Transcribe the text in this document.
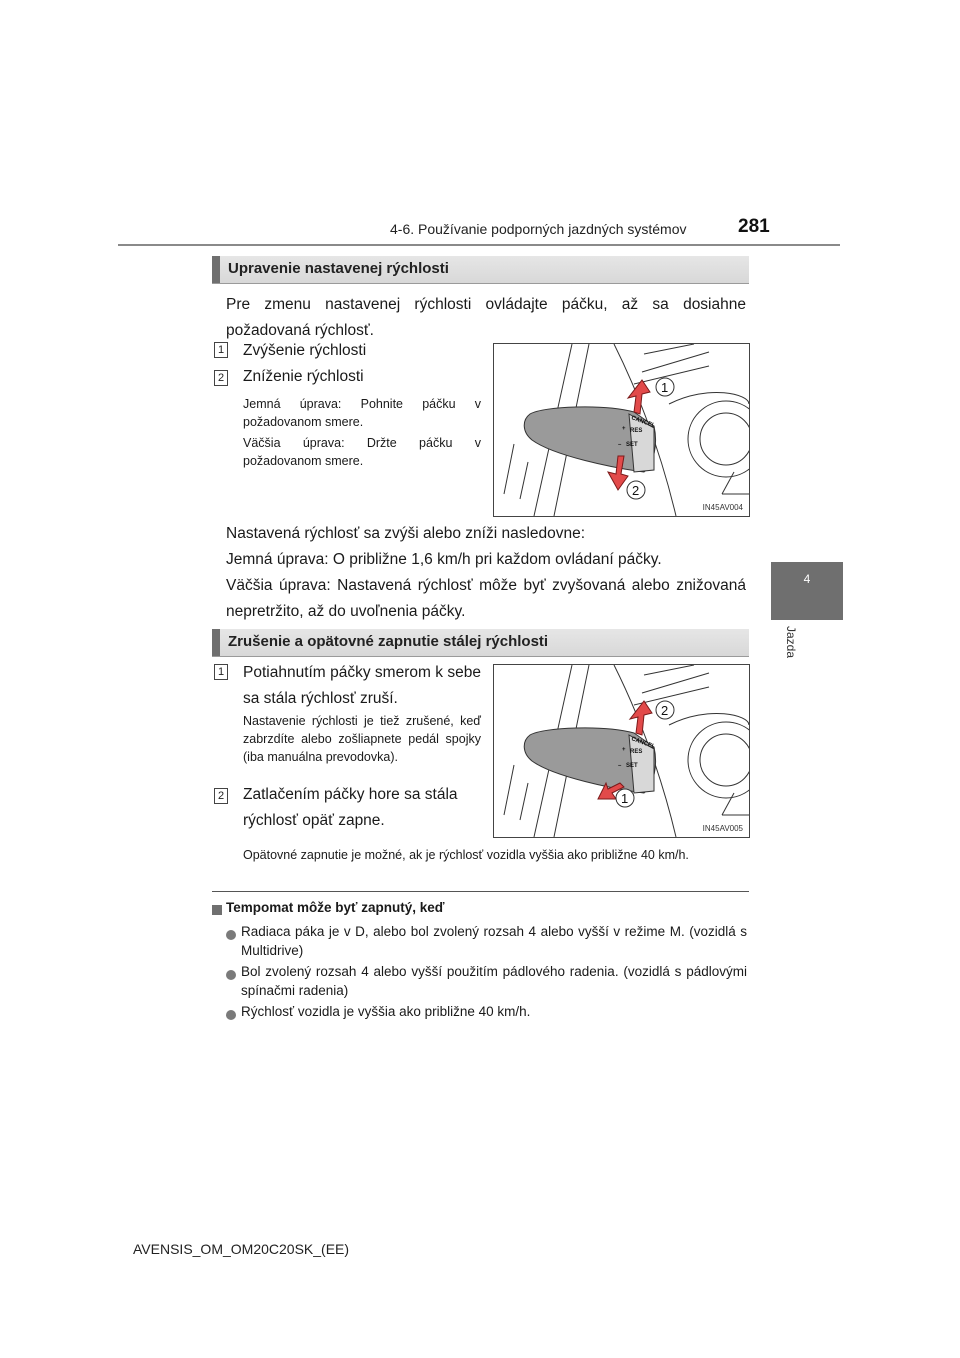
4-6. Používanie podporných jazdných systémov	281
4
Jazda
Upravenie nastavenej rýchlosti
Pre zmenu nastavenej rýchlosti ovládajte páčku, až sa dosiahne požadovaná rýchlosť.
1 Zvýšenie rýchlosti
2 Zníženie rýchlosti
Jemná úprava: Pohnite páčku v požadovanom smere.
Väčšia úprava: Držte páčku v požadovanom smere.
CANCEL
+ RES
– SET
1
2
IN45AV004
Nastavená rýchlosť sa zvýši alebo zníži nasledovne:
Jemná úprava: O približne 1,6 km/h pri každom ovládaní páčky.
Väčšia úprava: Nastavená rýchlosť môže byť zvyšovaná alebo znižovaná nepretržito, až do uvoľnenia páčky.
Zrušenie a opätovné zapnutie stálej rýchlosti
1 Potiahnutím páčky smerom k sebe sa stála rýchlosť zruší.
Nastavenie rýchlosti je tiež zrušené, keď zabrzdíte alebo zošliapnete pedál spojky (iba manuálna prevodovka).
2 Zatlačením páčky hore sa stála rýchlosť opäť zapne.
CANCEL
+ RES
– SET
2
1
IN45AV005
Opätovné zapnutie je možné, ak je rýchlosť vozidla vyššia ako približne 40 km/h.
Tempomat môže byť zapnutý, keď
Radiaca páka je v D, alebo bol zvolený rozsah 4 alebo vyšší v režime M. (vozidlá s Multidrive)
Bol zvolený rozsah 4 alebo vyšší použitím pádlového radenia. (vozidlá s pádlovými spínačmi radenia)
Rýchlosť vozidla je vyššia ako približne 40 km/h.
AVENSIS_OM_OM20C20SK_(EE)
